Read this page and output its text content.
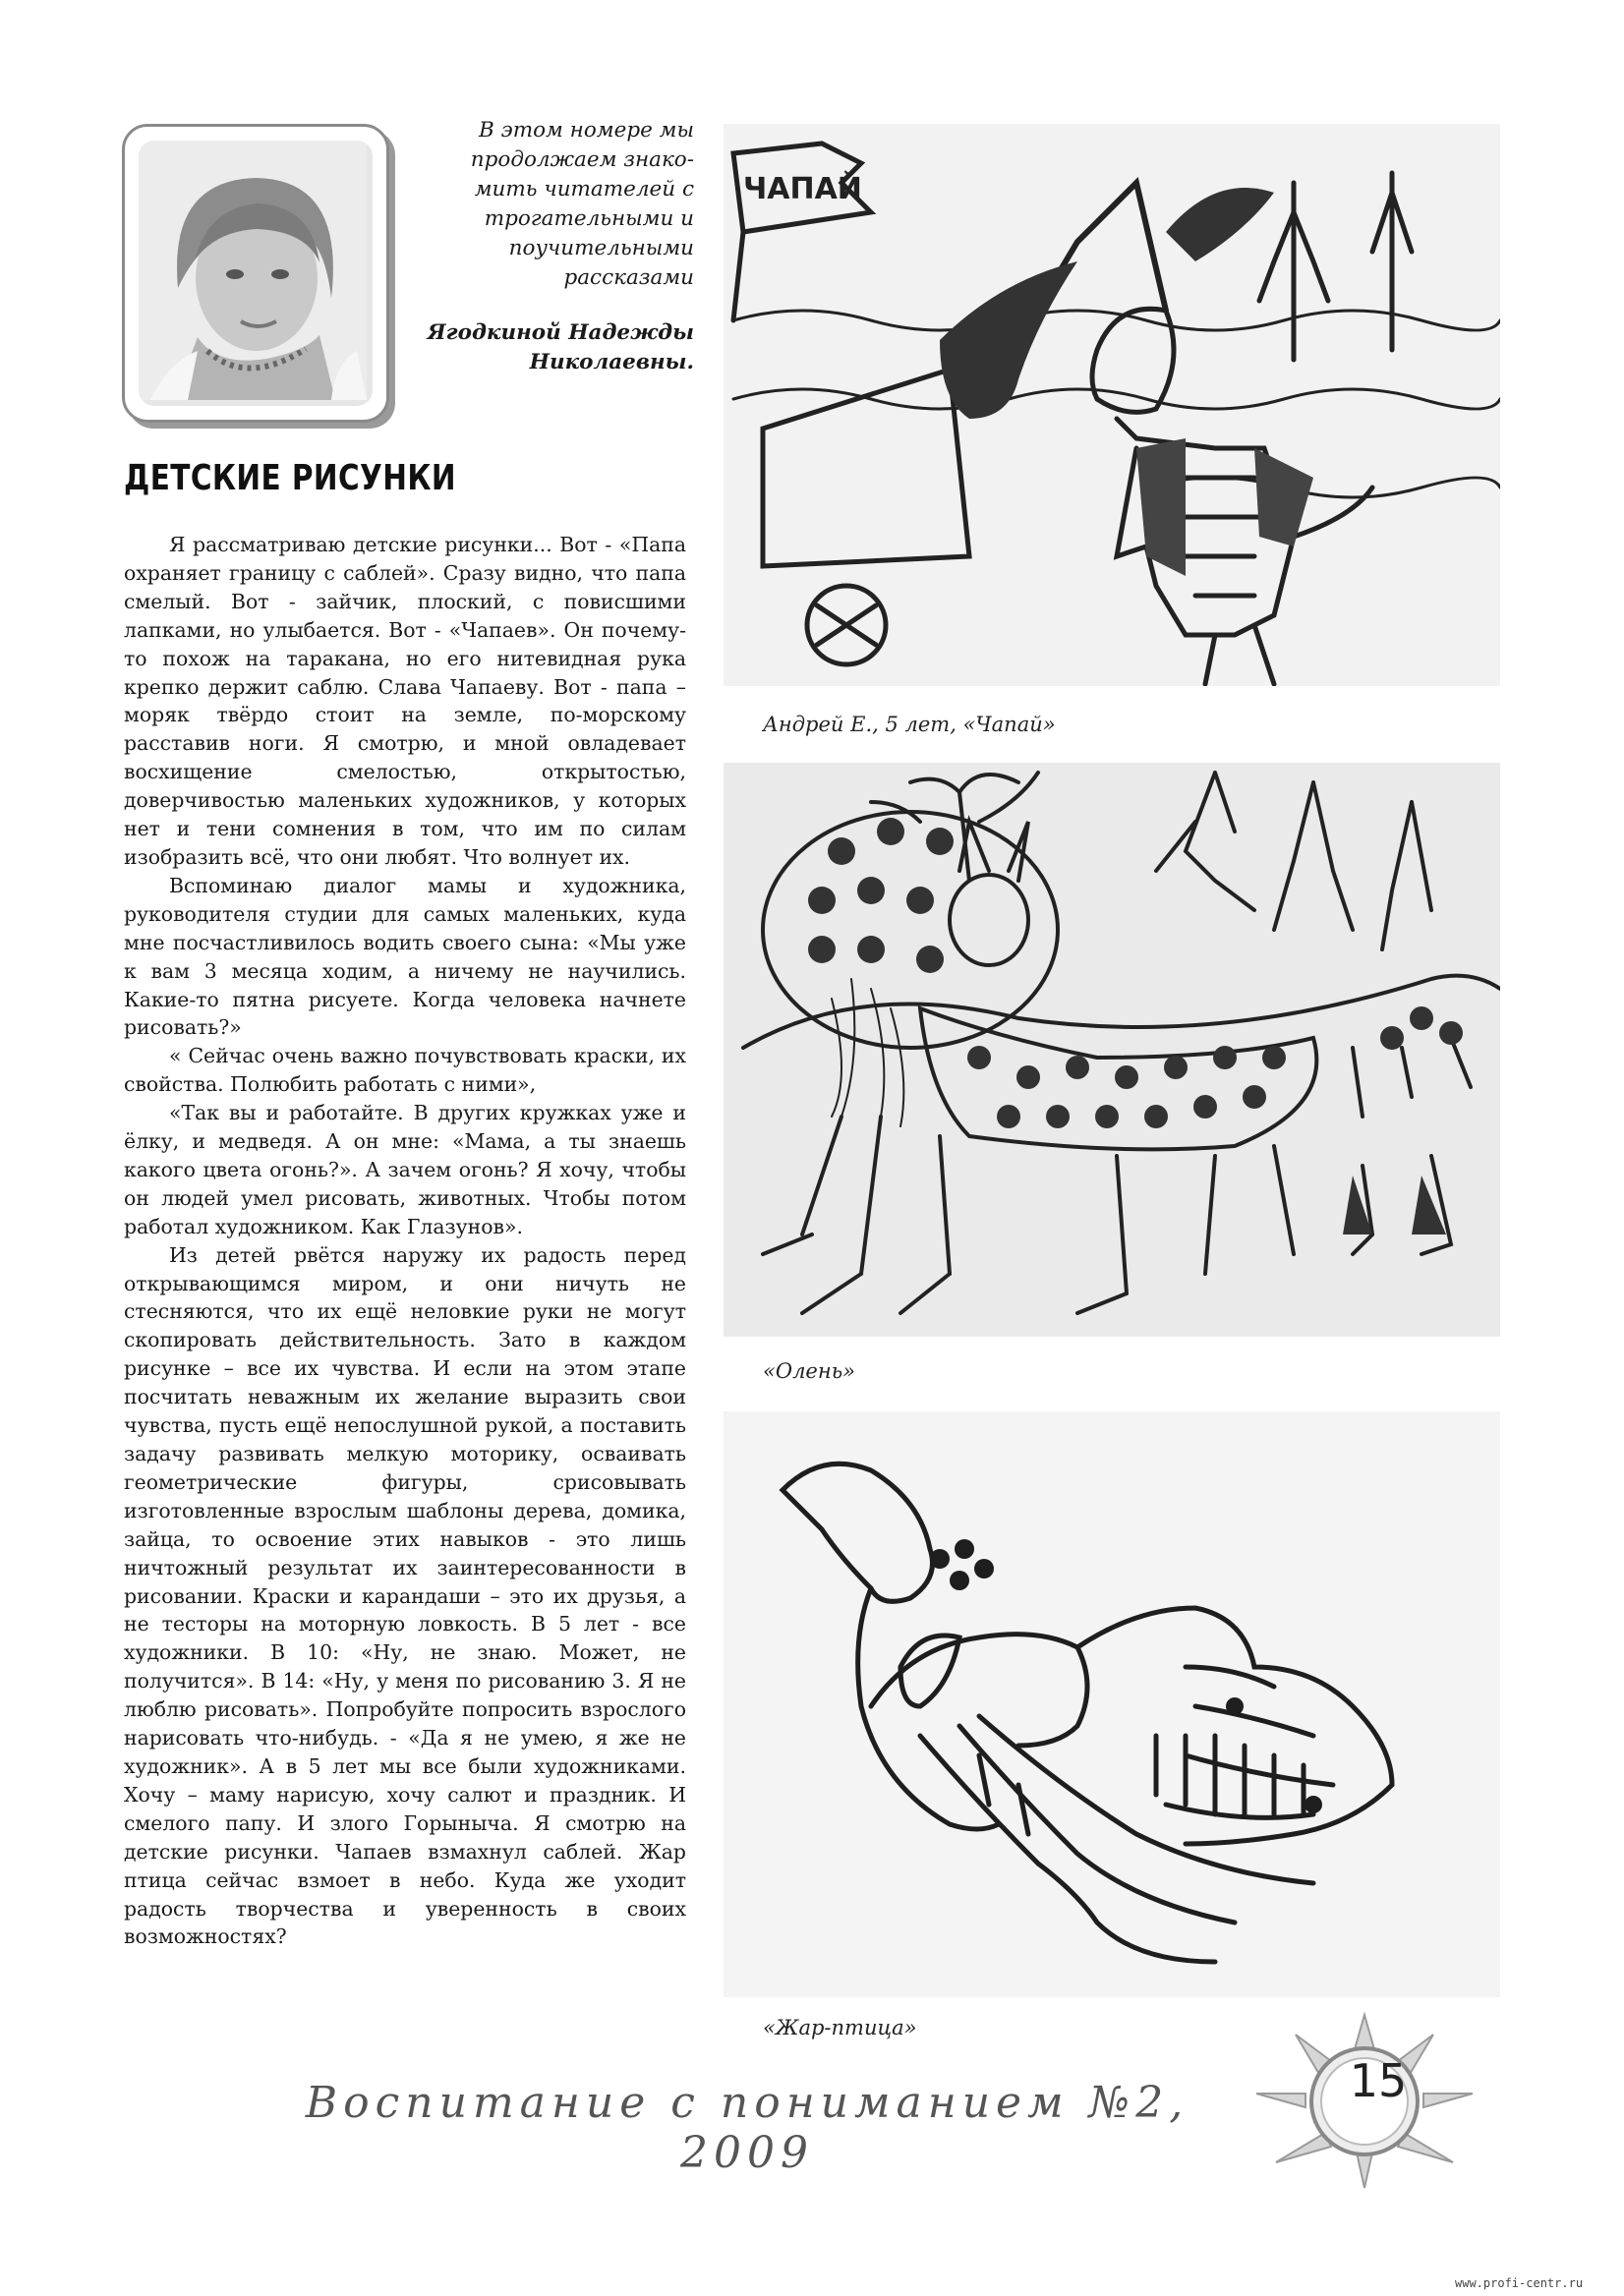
В этом номере мы продолжаем знако-мить читателей с трогательными и поучительными рассказами
Ягодкиной Надежды Николаевны.
ДЕТСКИЕ РИСУНКИ

Я рассматриваю детские рисунки... Вот - «Папа охраняет границу с саблей». Сразу видно, что папа смелый. Вот - зайчик, плоский, с повисшими лапками, но улыбается. Вот - «Чапаев». Он почему-то похож на таракана, но его нитевидная рука крепко держит саблю. Слава Чапаеву. Вот - папа – моряк твёрдо стоит на земле, по-морскому расставив ноги. Я смотрю, и мной овладевает восхищение смелостью, открытостью, доверчивостью маленьких художников, у которых нет и тени сомнения в том, что им по силам изобразить всё, что они любят. Что волнует их.

Вспоминаю диалог мамы и художника, руководителя студии для самых маленьких, куда мне посчастливилось водить своего сына: «Мы уже к вам 3 месяца ходим, а ничему не научились. Какие-то пятна рисуете. Когда человека начнете рисовать?»

« Сейчас очень важно почувствовать краски, их свойства. Полюбить работать с ними»,

«Так вы и работайте. В других кружках уже и ёлку, и медведя. А он мне: «Мама, а ты знаешь какого цвета огонь?». А зачем огонь? Я хочу, чтобы он людей умел рисовать, животных. Чтобы потом работал художником. Как Глазунов».

Из детей рвётся наружу их радость перед открывающимся миром, и они ничуть не стесняются, что их ещё неловкие руки не могут скопировать действительность. Зато в каждом рисунке – все их чувства. И если на этом этапе посчитать неважным их желание выразить свои чувства, пусть ещё непослушной рукой, а поставить задачу развивать мелкую моторику, осваивать геометрические фигуры, срисовывать изготовленные взрослым шаблоны дерева, домика, зайца, то освоение этих навыков - это лишь ничтожный результат их заинтересованности в рисовании. Краски и карандаши – это их друзья, а не тесторы на моторную ловкость. В 5 лет - все художники. В 10: «Ну, не знаю. Может, не получится». В 14: «Ну, у меня по рисованию 3. Я не люблю рисовать». Попробуйте попросить взрослого нарисовать что-нибудь. - «Да я не умею, я же не художник». А в 5 лет мы все были художниками. Хочу – маму нарисую, хочу салют и праздник. И смелого папу. И злого Горыныча. Я смотрю на детские рисунки. Чапаев взмахнул саблей. Жар птица сейчас взмоет в небо. Куда же уходит радость творчества и уверенность в своих возможностях?

ЧАПАЙ
Андрей Е., 5 лет, «Чапай»
«Олень»
«Жар-птица»
15
Воспитание с пониманием №2, 2009
www.profi-centr.ru
